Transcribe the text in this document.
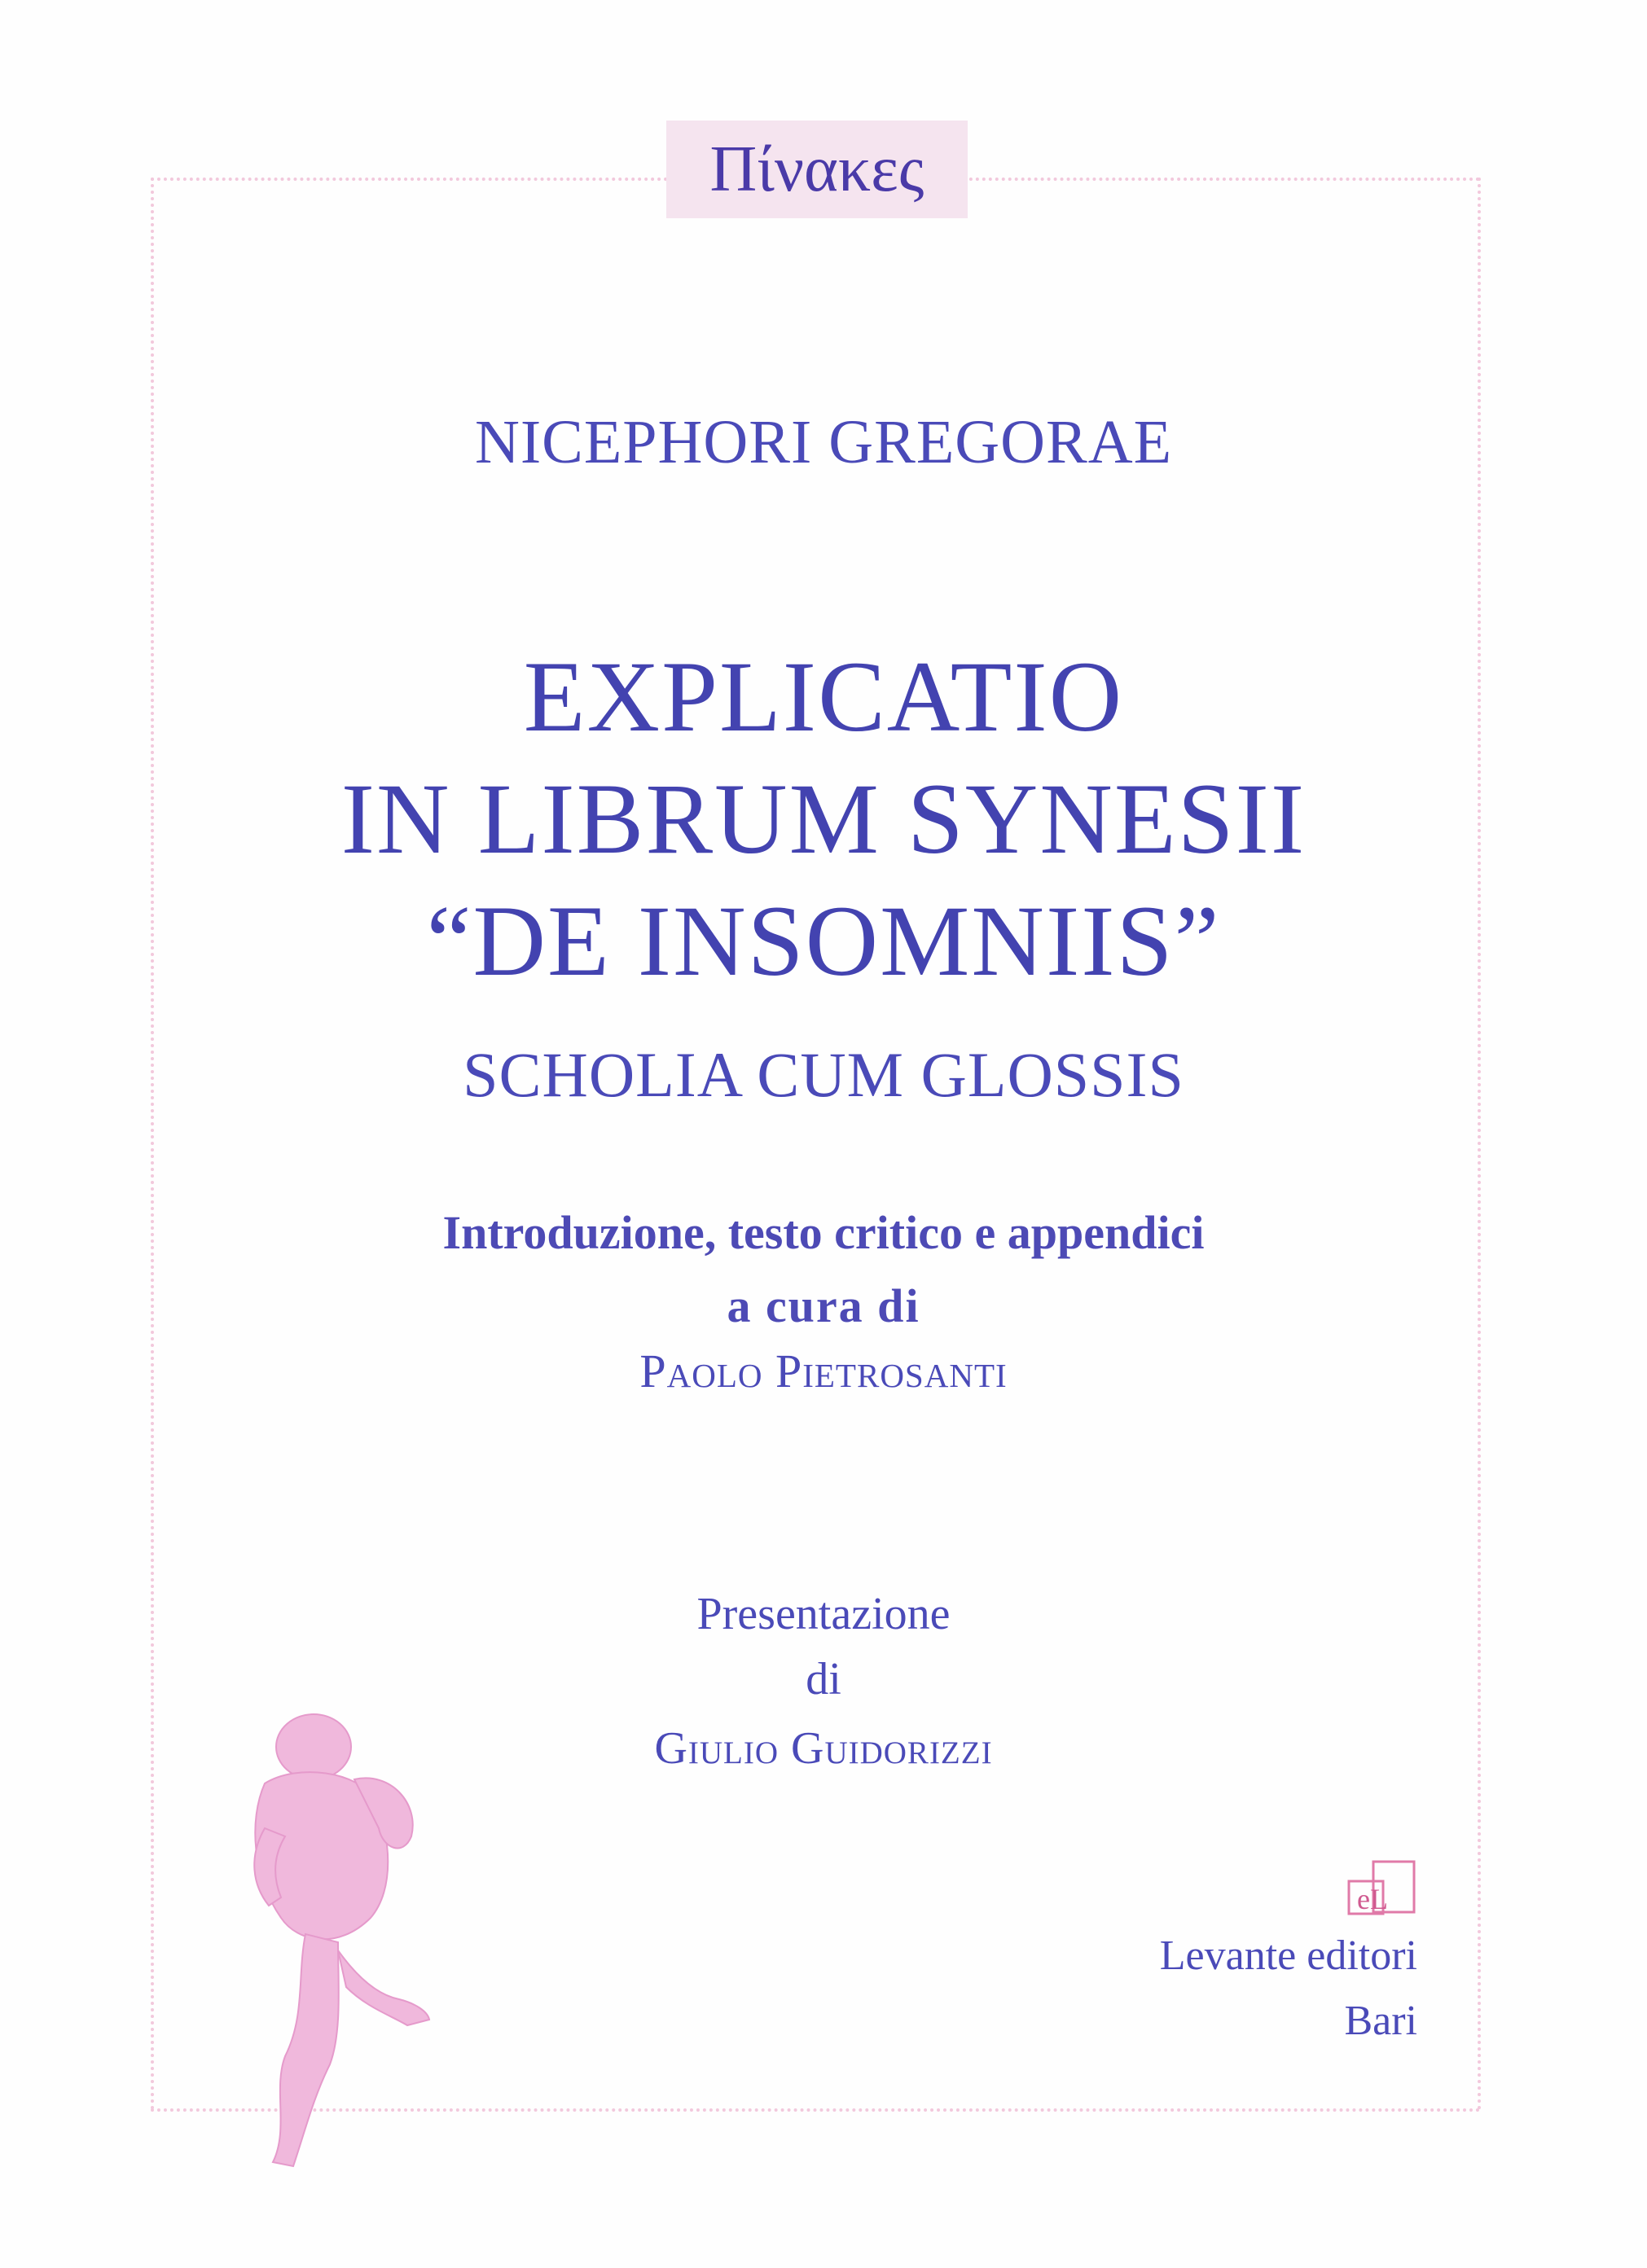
Πίνακες
NICEPHORI GREGORAE
EXPLICATIO
IN LIBRUM SYNESII
“DE INSOMNIIS”
SCHOLIA CUM GLOSSIS
Introduzione, testo critico e appendici
a cura di
Paolo Pietrosanti
Presentazione
di
Giulio Guidorizzi
eL
Levante editori
Bari
